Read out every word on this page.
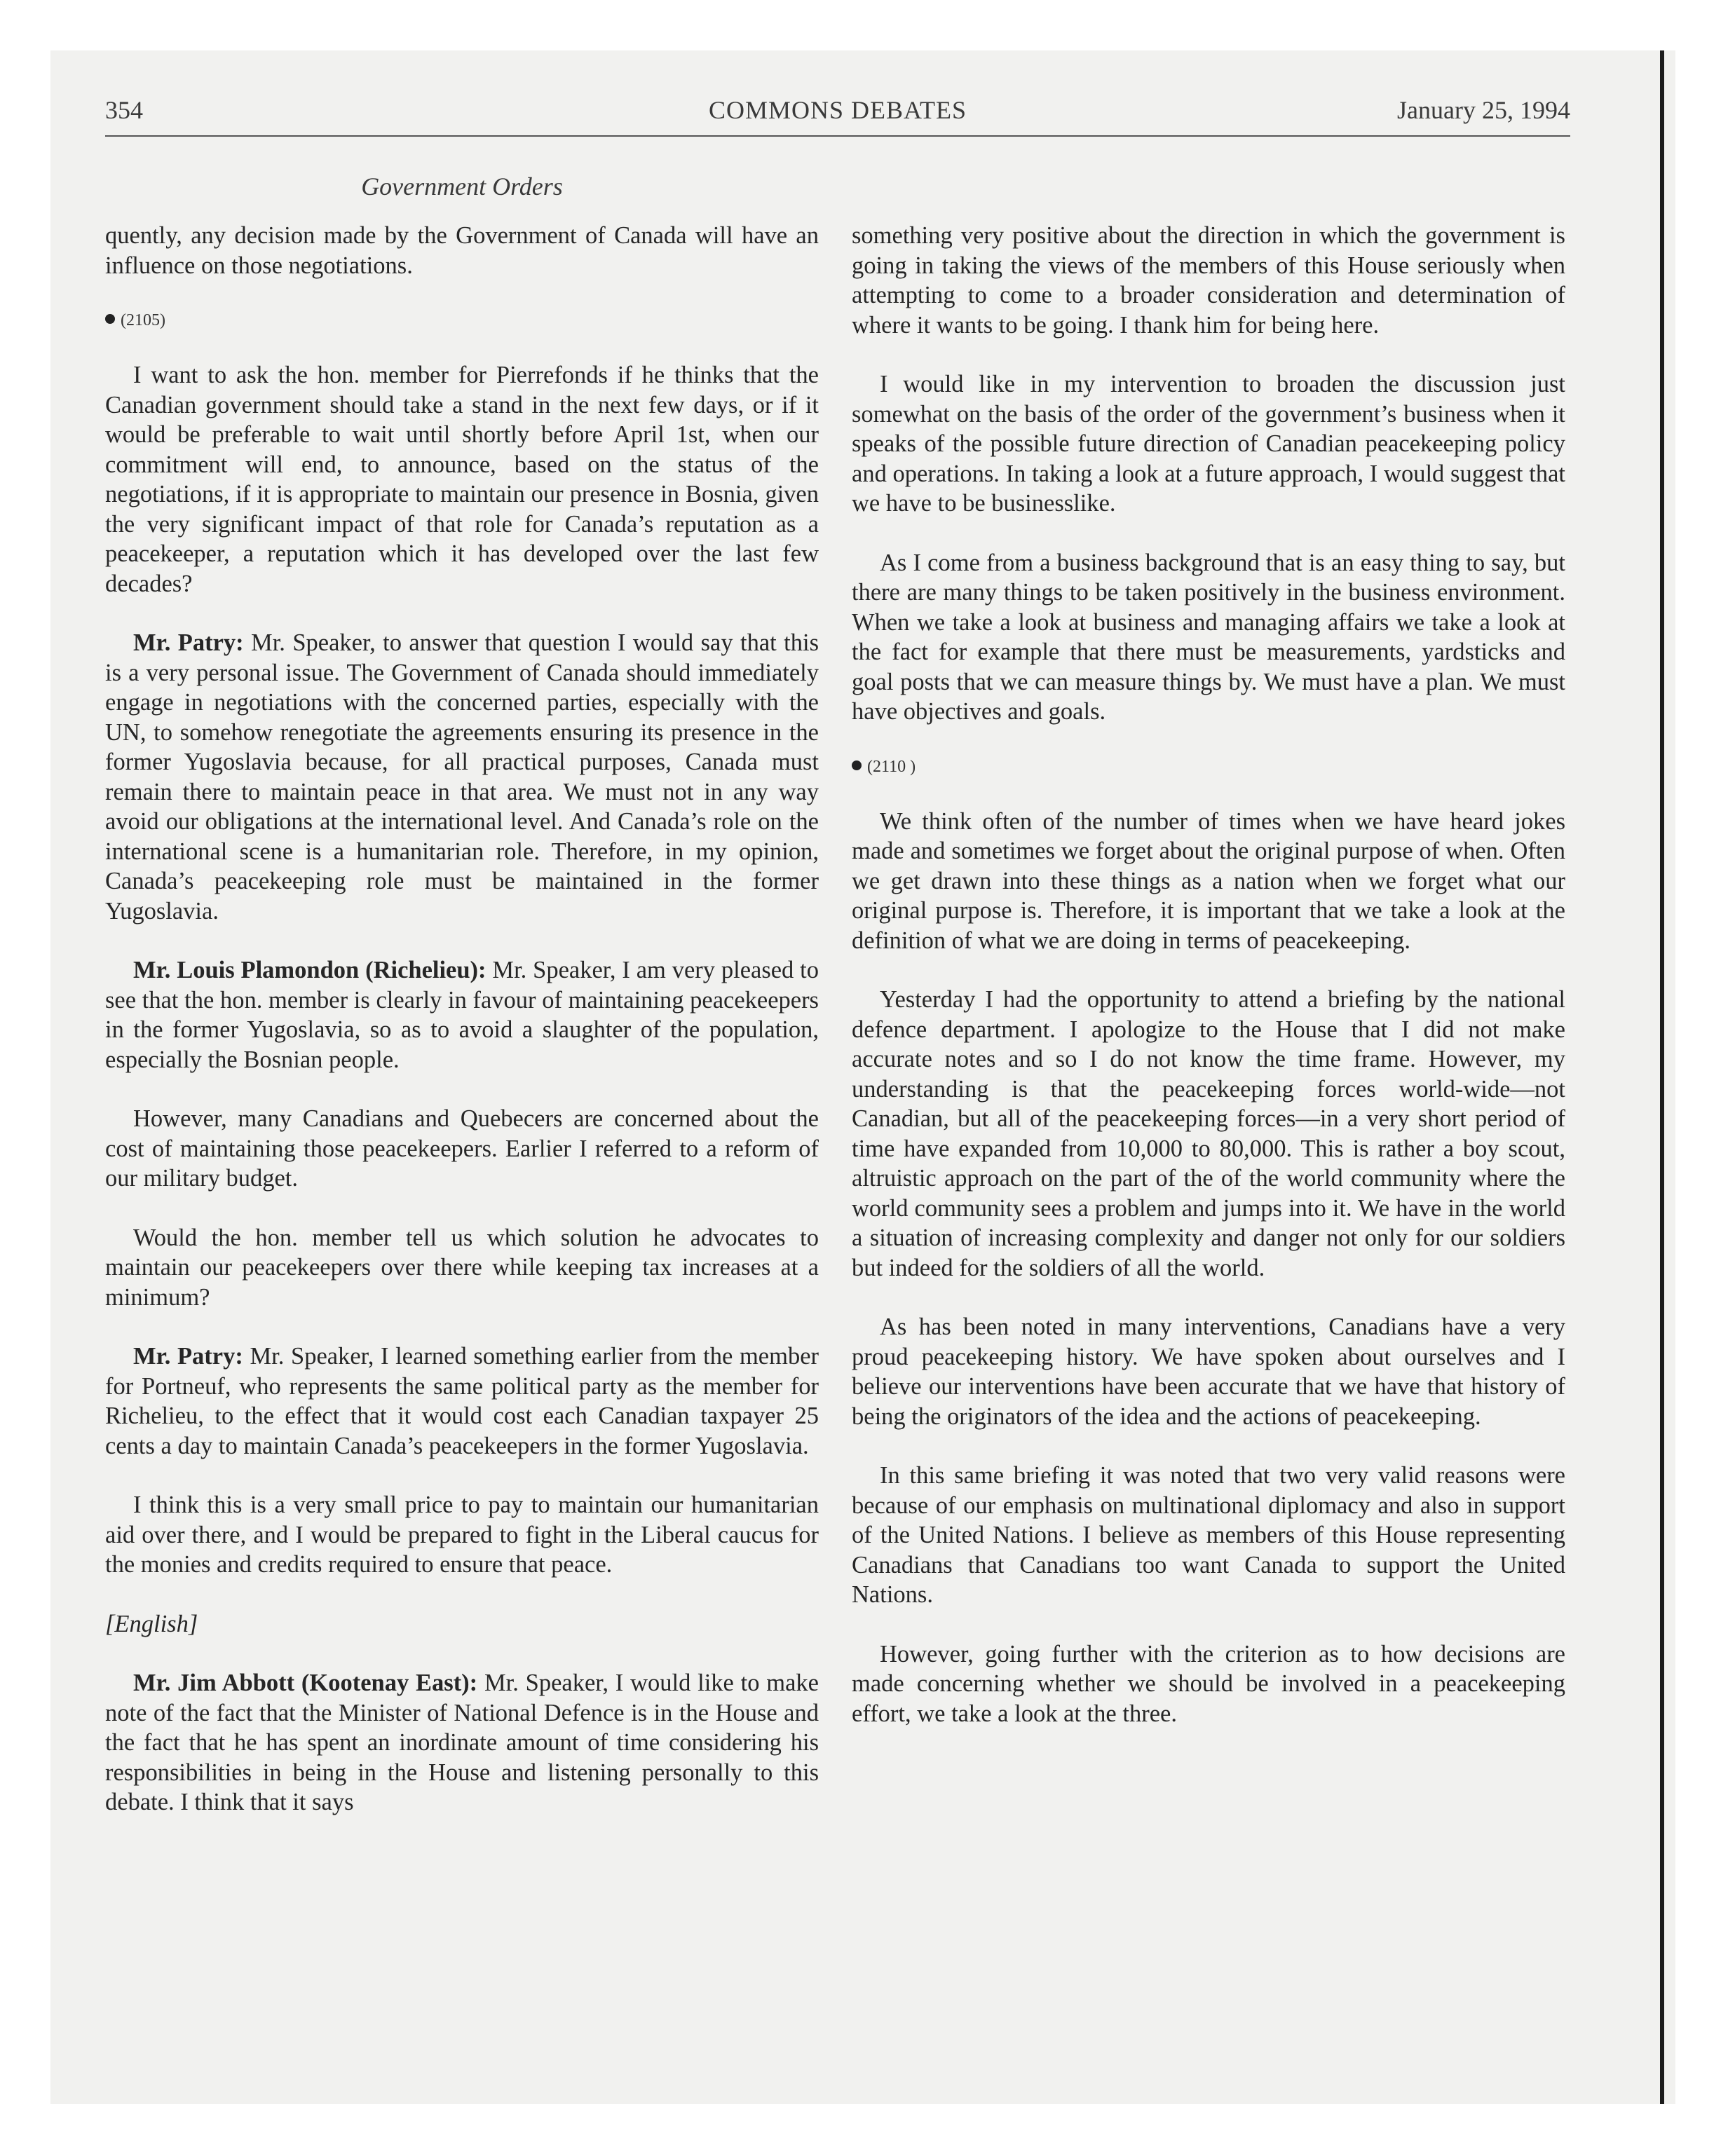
354	COMMONS DEBATES	January 25, 1994
Government Orders

quently, any decision made by the Government of Canada will have an influence on those negotiations.

(2105)

I want to ask the hon. member for Pierrefonds if he thinks that the Canadian government should take a stand in the next few days, or if it would be preferable to wait until shortly before April 1st, when our commitment will end, to announce, based on the status of the negotiations, if it is appropriate to maintain our presence in Bosnia, given the very significant impact of that role for Canada’s reputation as a peacekeeper, a reputation which it has developed over the last few decades?

Mr. Patry: Mr. Speaker, to answer that question I would say that this is a very personal issue. The Government of Canada should immediately engage in negotiations with the concerned parties, especially with the UN, to somehow renegotiate the agreements ensuring its presence in the former Yugoslavia because, for all practical purposes, Canada must remain there to maintain peace in that area. We must not in any way avoid our obligations at the international level. And Canada’s role on the international scene is a humanitarian role. Therefore, in my opinion, Canada’s peacekeeping role must be maintained in the former Yugoslavia.

Mr. Louis Plamondon (Richelieu): Mr. Speaker, I am very pleased to see that the hon. member is clearly in favour of maintaining peacekeepers in the former Yugoslavia, so as to avoid a slaughter of the population, especially the Bosnian people.

However, many Canadians and Quebecers are concerned about the cost of maintaining those peacekeepers. Earlier I referred to a reform of our military budget.

Would the hon. member tell us which solution he advocates to maintain our peacekeepers over there while keeping tax increases at a minimum?

Mr. Patry: Mr. Speaker, I learned something earlier from the member for Portneuf, who represents the same political party as the member for Richelieu, to the effect that it would cost each Canadian taxpayer 25 cents a day to maintain Canada’s peacekeepers in the former Yugoslavia.

I think this is a very small price to pay to maintain our humanitarian aid over there, and I would be prepared to fight in the Liberal caucus for the monies and credits required to ensure that peace.

[English]

Mr. Jim Abbott (Kootenay East): Mr. Speaker, I would like to make note of the fact that the Minister of National Defence is in the House and the fact that he has spent an inordinate amount of time considering his responsibilities in being in the House and listening personally to this debate. I think that it says

something very positive about the direction in which the government is going in taking the views of the members of this House seriously when attempting to come to a broader consideration and determination of where it wants to be going. I thank him for being here.

I would like in my intervention to broaden the discussion just somewhat on the basis of the order of the government’s business when it speaks of the possible future direction of Canadian peacekeeping policy and operations. In taking a look at a future approach, I would suggest that we have to be businesslike.

As I come from a business background that is an easy thing to say, but there are many things to be taken positively in the business environment. When we take a look at business and managing affairs we take a look at the fact for example that there must be measurements, yardsticks and goal posts that we can measure things by. We must have a plan. We must have objectives and goals.

(2110 )

We think often of the number of times when we have heard jokes made and sometimes we forget about the original purpose of when. Often we get drawn into these things as a nation when we forget what our original purpose is. Therefore, it is important that we take a look at the definition of what we are doing in terms of peacekeeping.

Yesterday I had the opportunity to attend a briefing by the national defence department. I apologize to the House that I did not make accurate notes and so I do not know the time frame. However, my understanding is that the peacekeeping forces world-wide—not Canadian, but all of the peacekeeping forces—in a very short period of time have expanded from 10,000 to 80,000. This is rather a boy scout, altruistic approach on the part of the of the world community where the world community sees a problem and jumps into it. We have in the world a situation of increasing complexity and danger not only for our soldiers but indeed for the soldiers of all the world.

As has been noted in many interventions, Canadians have a very proud peacekeeping history. We have spoken about ourselves and I believe our interventions have been accurate that we have that history of being the originators of the idea and the actions of peacekeeping.

In this same briefing it was noted that two very valid reasons were because of our emphasis on multinational diplomacy and also in support of the United Nations. I believe as members of this House representing Canadians that Canadians too want Canada to support the United Nations.

However, going further with the criterion as to how decisions are made concerning whether we should be involved in a peacekeeping effort, we take a look at the three.
